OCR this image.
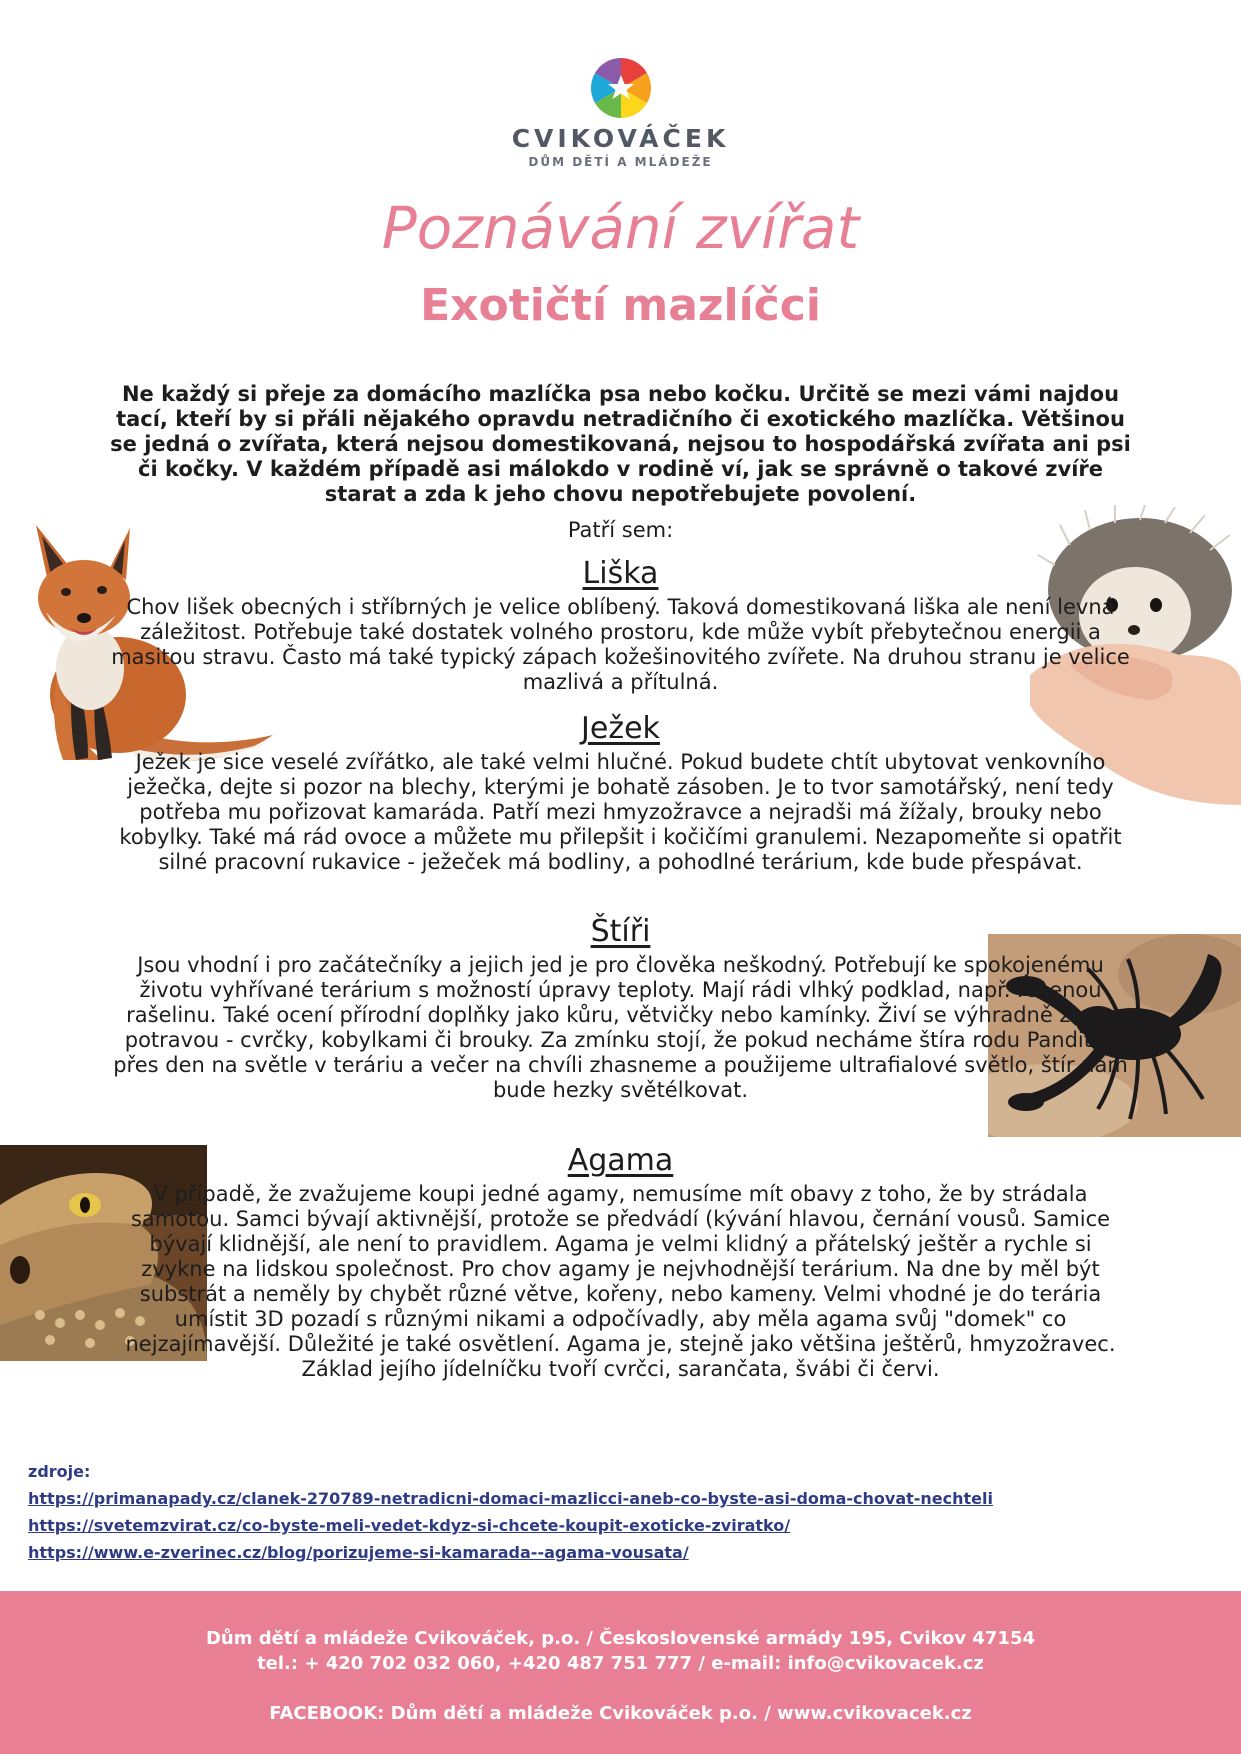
CVIKOVÁČEK
DŮM DĚTÍ A MLÁDEŽE
Poznávání zvířat
Exotičtí mazlíčci

Ne každý si přeje za domácího mazlíčka psa nebo kočku. Určitě se mezi vámi najdou tací, kteří by si přáli nějakého opravdu netradičního či exotického mazlíčka. Většinou se jedná o zvířata, která nejsou domestikovaná, nejsou to hospodářská zvířata ani psi či kočky. V každém případě asi málokdo v rodině ví, jak se správně o takové zvíře starat a zda k jeho chovu nepotřebujete povolení.

Patří sem:

Liška

Chov lišek obecných i stříbrných je velice oblíbený. Taková domestikovaná liška ale není levná záležitost. Potřebuje také dostatek volného prostoru, kde může vybít přebytečnou energii a masitou stravu. Často má také typický zápach kožešinovitého zvířete. Na druhou stranu je velice mazlivá a přítulná.

Ježek

Ježek je sice veselé zvířátko, ale také velmi hlučné. Pokud budete chtít ubytovat venkovního ježečka, dejte si pozor na blechy, kterými je bohatě zásoben. Je to tvor samotářský, není tedy potřeba mu pořizovat kamaráda. Patří mezi hmyzožravce a nejradši má žížaly, brouky nebo kobylky. Také má rád ovoce a můžete mu přilepšit i kočičími granulemi. Nezapomeňte si opatřit silné pracovní rukavice - ježeček má bodliny, a pohodlné terárium, kde bude přespávat.

Štíři

Jsou vhodní i pro začátečníky a jejich jed je pro člověka neškodný. Potřebují ke spokojenému životu vyhřívané terárium s možností úpravy teploty. Mají rádi vlhký podklad, např. rosenou rašelinu. Také ocení přírodní doplňky jako kůru, větvičky nebo kamínky. Živí se výhradně živou potravou - cvrčky, kobylkami či brouky. Za zmínku stojí, že pokud necháme štíra rodu Panditus přes den na světle v teráriu a večer na chvíli zhasneme a použijeme ultrafialové světlo, štír nám bude hezky světélkovat.

Agama

V případě, že zvažujeme koupi jedné agamy, nemusíme mít obavy z toho, že by strádala samotou. Samci bývají aktivnější, protože se předvádí (kývání hlavou, černání vousů. Samice bývají klidnější, ale není to pravidlem. Agama je velmi klidný a přátelský ještěr a rychle si zvykne na lidskou společnost. Pro chov agamy je nejvhodnější terárium. Na dne by měl být substrát a neměly by chybět různé větve, kořeny, nebo kameny. Velmi vhodné je do terária umístit 3D pozadí s různými nikami a odpočívadly, aby měla agama svůj "domek" co nejzajímavější. Důležité je také osvětlení. Agama je, stejně jako většina ještěrů, hmyzožravec. Základ jejího jídelníčku tvoří cvrčci, sarančata, švábi či červi.

zdroje:
https://primanapady.cz/clanek-270789-netradicni-domaci-mazlicci-aneb-co-byste-asi-doma-chovat-nechteli
https://svetemzvirat.cz/co-byste-meli-vedet-kdyz-si-chcete-koupit-exoticke-zviratko/
https://www.e-zverinec.cz/blog/porizujeme-si-kamarada--agama-vousata/
Dům dětí a mládeže Cvikováček, p.o. / Československé armády 195, Cvikov 47154
tel.: + 420 702 032 060, +420 487 751 777 / e-mail: info@cvikovacek.cz
FACEBOOK: Dům dětí a mládeže Cvikováček p.o. / www.cvikovacek.cz
